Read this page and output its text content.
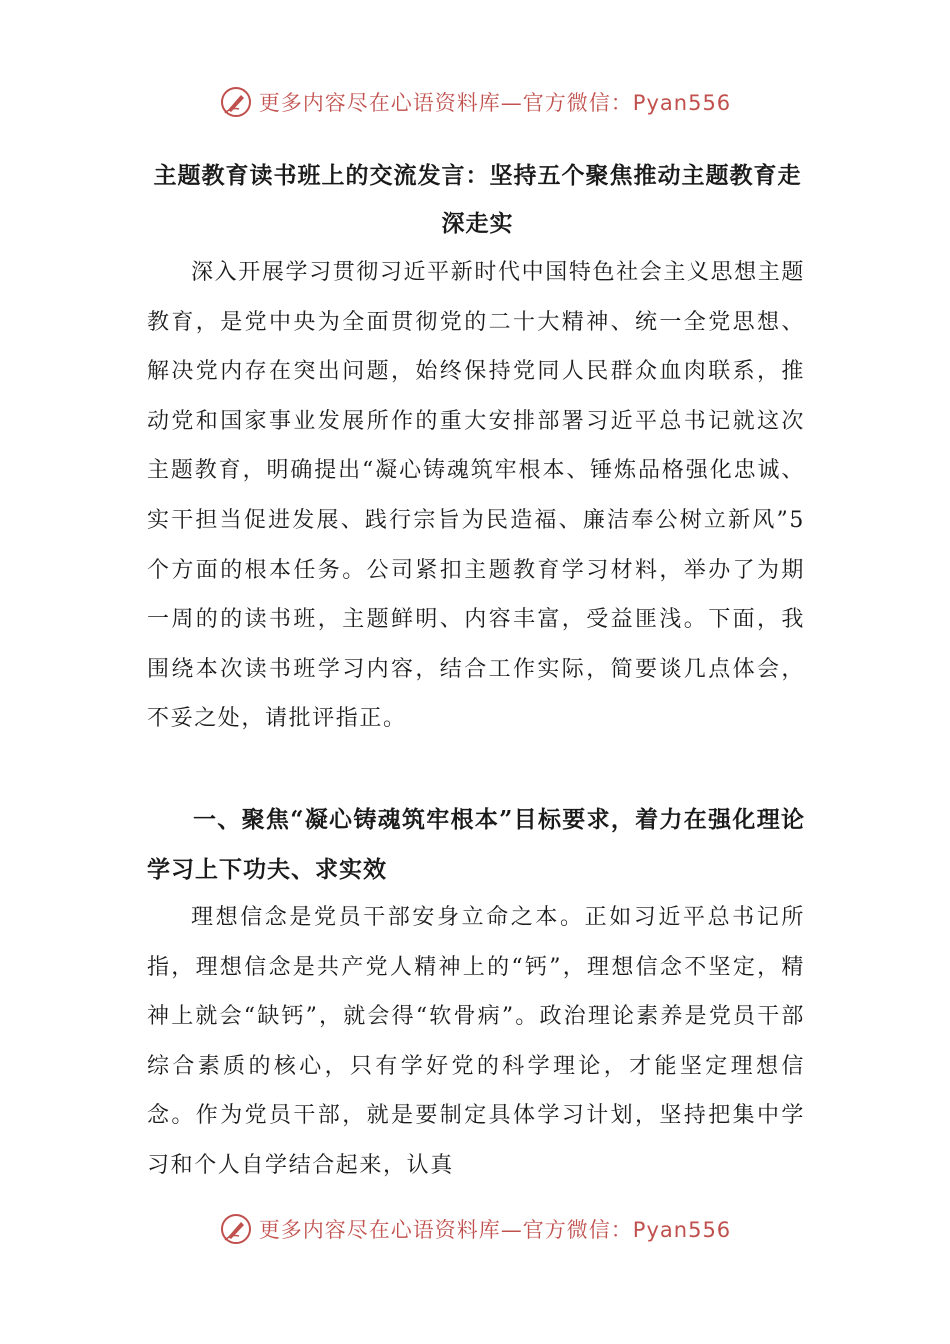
更多内容尽在心语资料库—官方微信：Pyan556
主题教育读书班上的交流发言：坚持五个聚焦推动主题教育走深走实

深入开展学习贯彻习近平新时代中国特色社会主义思想主题教育，是党中央为全面贯彻党的二十大精神、统一全党思想、解决党内存在突出问题，始终保持党同人民群众血肉联系，推动党和国家事业发展所作的重大安排部署习近平总书记就这次主题教育，明确提出“凝心铸魂筑牢根本、锤炼品格强化忠诚、实干担当促进发展、践行宗旨为民造福、廉洁奉公树立新风”5个方面的根本任务。公司紧扣主题教育学习材料，举办了为期一周的的读书班，主题鲜明、内容丰富，受益匪浅。下面，我围绕本次读书班学习内容，结合工作实际，简要谈几点体会，不妥之处，请批评指正。

一、聚焦“凝心铸魂筑牢根本”目标要求，着力在强化理论学习上下功夫、求实效

理想信念是党员干部安身立命之本。正如习近平总书记所指，理想信念是共产党人精神上的“钙”，理想信念不坚定，精神上就会“缺钙”，就会得“软骨病”。政治理论素养是党员干部综合素质的核心，只有学好党的科学理论，才能坚定理想信念。作为党员干部，就是要制定具体学习计划，坚持把集中学习和个人自学结合起来，认真

更多内容尽在心语资料库—官方微信：Pyan556
